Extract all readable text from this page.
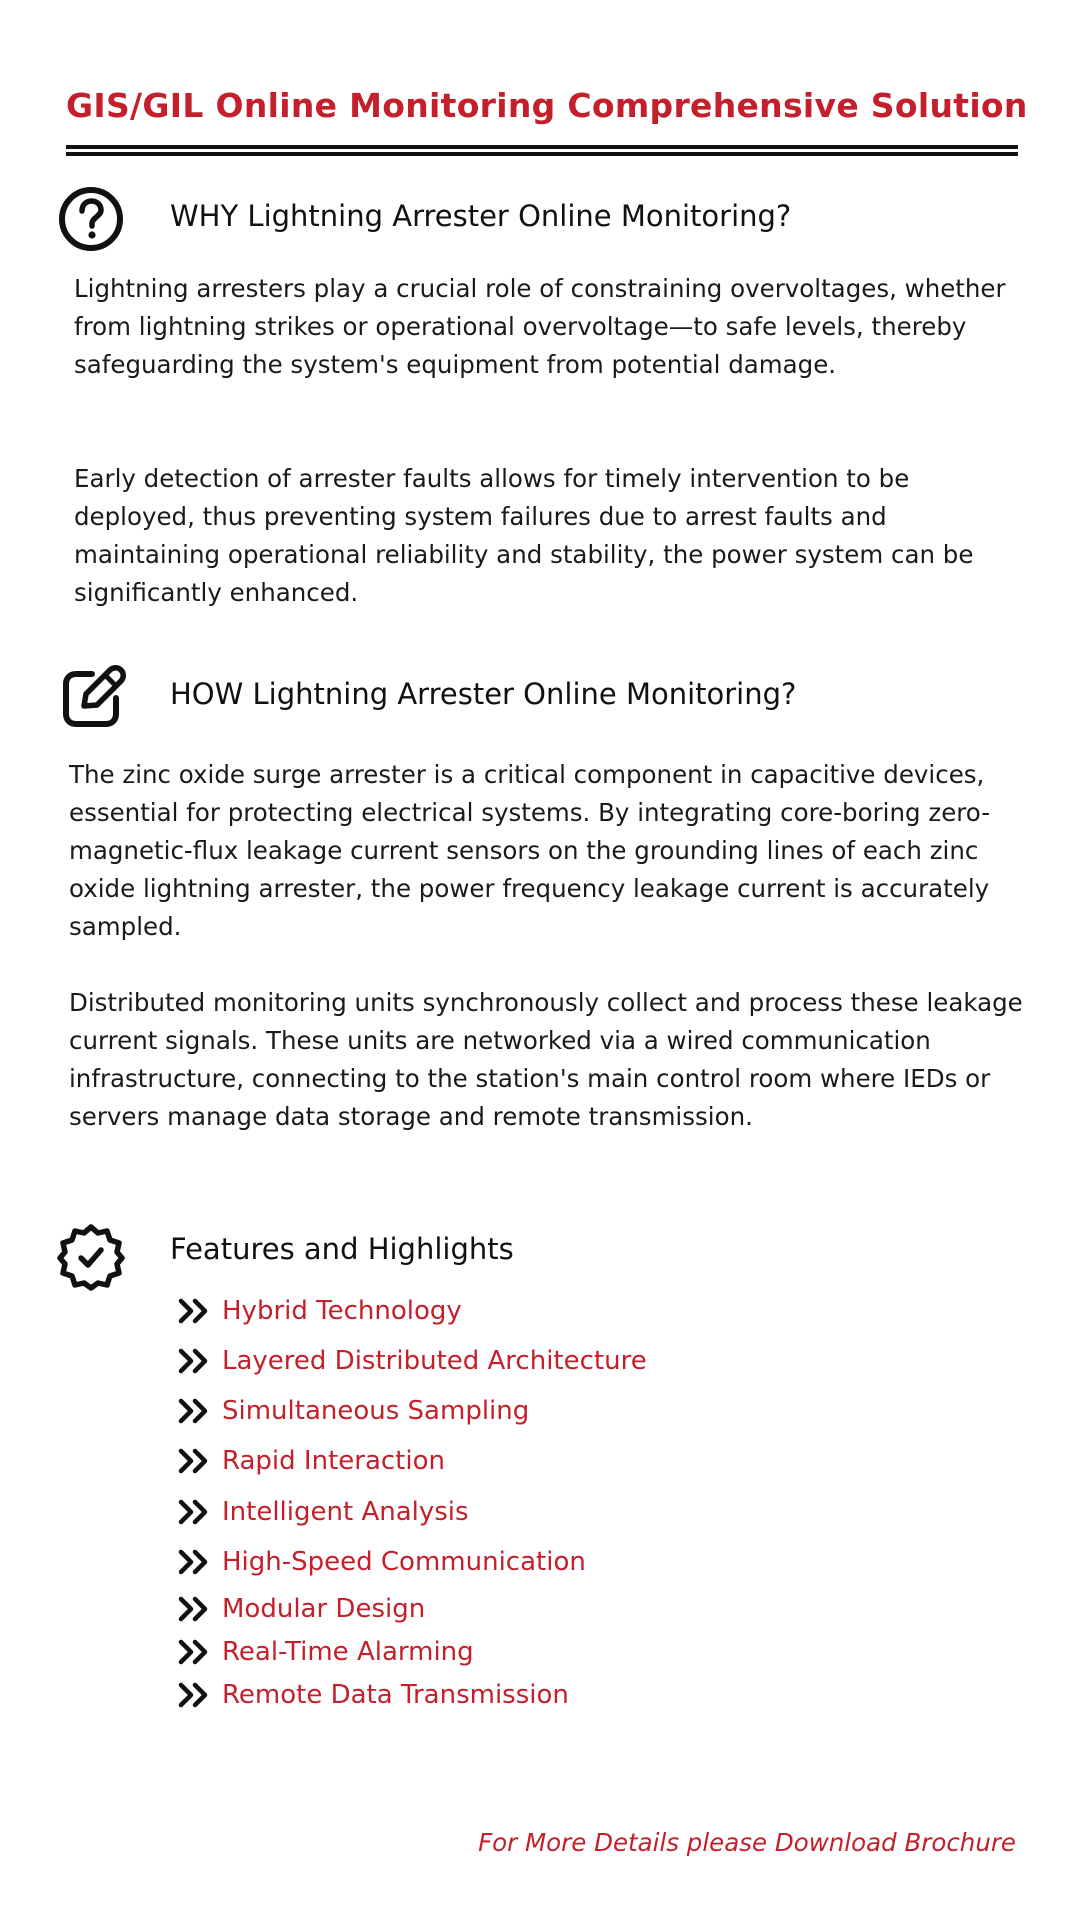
GIS/GIL Online Monitoring Comprehensive Solution
WHY Lightning Arrester Online Monitoring?

Lightning arresters play a crucial role of constraining overvoltages, whether from lightning strikes or operational overvoltage—to safe levels, thereby safeguarding the system's equipment from potential damage.

Early detection of arrester faults allows for timely intervention to be deployed, thus preventing system failures due to arrest faults and maintaining operational reliability and stability, the power system can be significantly enhanced.

HOW Lightning Arrester Online Monitoring?

The zinc oxide surge arrester is a critical component in capacitive devices, essential for protecting electrical systems. By integrating core-boring zero-magnetic-flux leakage current sensors on the grounding lines of each zinc oxide lightning arrester, the power frequency leakage current is accurately sampled.

Distributed monitoring units synchronously collect and process these leakage current signals. These units are networked via a wired communication infrastructure, connecting to the station's main control room where IEDs or servers manage data storage and remote transmission.

Features and Highlights
Hybrid Technology
Layered Distributed Architecture
Simultaneous Sampling
Rapid Interaction
Intelligent Analysis
High-Speed Communication
Modular Design
Real-Time Alarming
Remote Data Transmission
For More Details please Download Brochure
